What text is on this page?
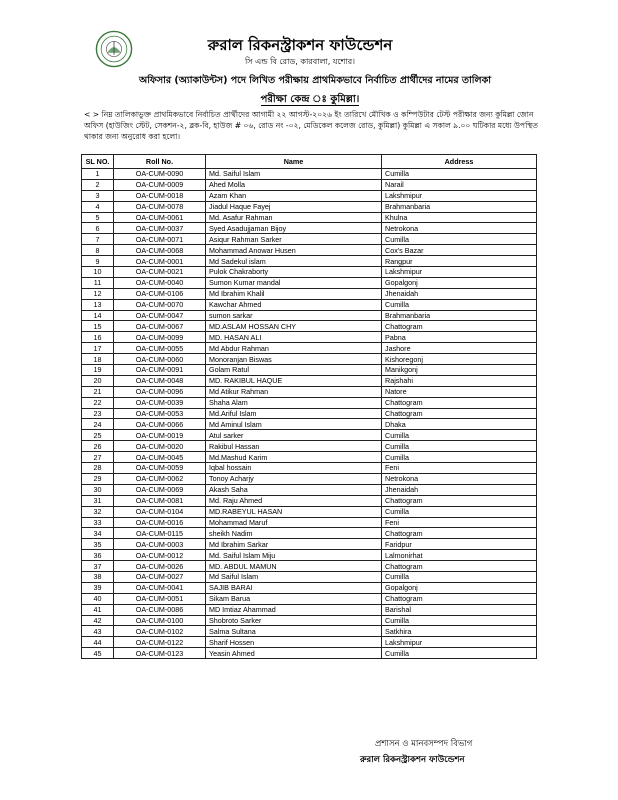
রুরাল রিকনস্ট্রাকশন ফাউন্ডেশন
সি এন্ড বি রোড, কারবালা, যশোর।
অফিসার (অ্যাকাউন্টস) পদে লিখিত পরীক্ষায় প্রাথমিকভাবে নির্বাচিত প্রার্থীদের নামের তালিকা
পরীক্ষা কেন্দ্র ঃ কুমিল্লা।
< > নিম্ন তালিকাভুক্ত প্রাথমিকভাবে নির্বাচিত প্রার্থীদের আগামী ২২ আগস্ট-২০২৬ ইং তারিখে মৌখিক ও কম্পিউটার টেস্ট পরীক্ষার জন্য কুমিল্লা জোন অফিস (হাউজিং স্টেট, সেকশন-২, ব্লক-বি, হাউজ # ০৬, রোড নং -০২, মেডিকেল কলেজ রোড, কুমিল্লা) কুমিল্লা এ সকাল ৯.০০ ঘটিকার মধ্যে উপস্থিত থাকার জন্য অনুরোধ করা হলো।
SL NO.	Roll No.	Name	Address
1	OA-CUM-0090	Md. Saiful Islam	Cumilla
2	OA-CUM-0009	Ahed Molla	Narail
3	OA-CUM-0018	Azam Khan	Lakshmipur
4	OA-CUM-0078	Jiadul Haque Fayej	Brahmanbaria
5	OA-CUM-0061	Md. Asafur Rahman	Khulna
6	OA-CUM-0037	Syed Asadujjaman Bijoy	Netrokona
7	OA-CUM-0071	Asiqur Rahman Sarker	Cumilla
8	OA-CUM-0068	Mohammad Anowar Husen	Cox's Bazar
9	OA-CUM-0001	Md Sadekul islam	Rangpur
10	OA-CUM-0021	Pulok Chakraborty	Lakshmipur
11	OA-CUM-0040	Sumon Kumar mandal	Gopalgonj
12	OA-CUM-0106	Md Ibrahim Khalil	Jhenaidah
13	OA-CUM-0070	Kawchar Ahmed	Cumilla
14	OA-CUM-0047	sumon sarkar	Brahmanbaria
15	OA-CUM-0067	MD.ASLAM HOSSAN CHY	Chattogram
16	OA-CUM-0099	MD. HASAN ALI	Pabna
17	OA-CUM-0055	Md Abdur Rahman	Jashore
18	OA-CUM-0060	Monoranjan Biswas	Kishoregonj
19	OA-CUM-0091	Golam Ratul	Manikgonj
20	OA-CUM-0048	MD. RAKIBUL HAQUE	Rajshahi
21	OA-CUM-0096	Md Atikur Rahman	Natore
22	OA-CUM-0039	Shaha Alam	Chattogram
23	OA-CUM-0053	Md.Ariful Islam	Chattogram
24	OA-CUM-0066	Md Aminul Islam	Dhaka
25	OA-CUM-0019	Atul sarker	Cumilla
26	OA-CUM-0020	Rakibul Hassan	Cumilla
27	OA-CUM-0045	Md.Mashud Karim	Cumilla
28	OA-CUM-0059	Iqbal hossain	Feni
29	OA-CUM-0062	Tonoy Acharjy	Netrokona
30	OA-CUM-0069	Akash Saha	Jhenaidah
31	OA-CUM-0081	Md. Raju Ahmed	Chattogram
32	OA-CUM-0104	MD.RABEYUL HASAN	Cumilla
33	OA-CUM-0016	Mohammad Maruf	Feni
34	OA-CUM-0115	sheikh Nadim	Chattogram
35	OA-CUM-0003	Md Ibrahim Sarkar	Faridpur
36	OA-CUM-0012	Md. Saiful Islam Miju	Lalmonirhat
37	OA-CUM-0026	MD. ABDUL MAMUN	Chattogram
38	OA-CUM-0027	Md Saiful Islam	Cumilla
39	OA-CUM-0041	SAJIB BARAI	Gopalgonj
40	OA-CUM-0051	Sikam Barua	Chattogram
41	OA-CUM-0086	MD Imtiaz Ahammad	Barishal
42	OA-CUM-0100	Shobroto Sarker	Cumilla
43	OA-CUM-0102	Salma Sultana	Satkhira
44	OA-CUM-0122	Sharif Hossen	Lakshmipur
45	OA-CUM-0123	Yeasin Ahmed	Cumilla
প্রশাসন ও মানবসম্পদ বিভাগ
রুরাল রিকনস্ট্রাকশন ফাউন্ডেশন
